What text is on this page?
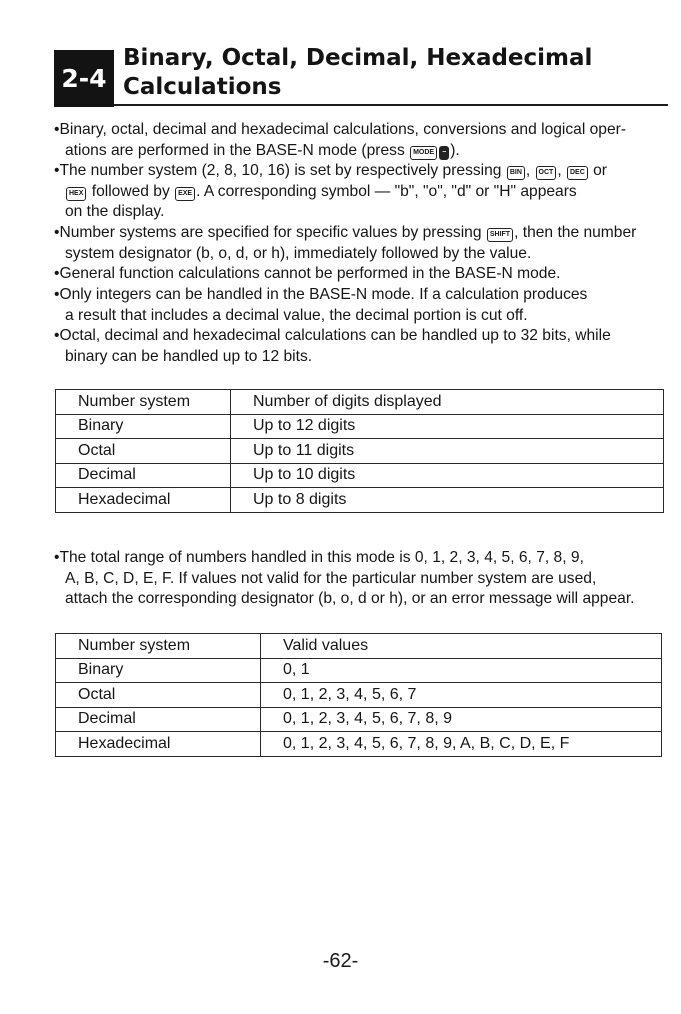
2-4
Binary, Octal, Decimal, Hexadecimal
Calculations

•Binary, octal, decimal and hexadecimal calculations, conversions and logical oper-
ations are performed in the BASE-N mode (press MODE − ).

•The number system (2, 8, 10, 16) is set by respectively pressing BIN , OCT , DEC or
HEX followed by EXE . A corresponding symbol — "b", "o", "d" or "H" appears
on the display.

•Number systems are specified for specific values by pressing SHIFT , then the number
system designator (b, o, d, or h), immediately followed by the value.

•General function calculations cannot be performed in the BASE-N mode.

•Only integers can be handled in the BASE-N mode. If a calculation produces
a result that includes a decimal value, the decimal portion is cut off.

•Octal, decimal and hexadecimal calculations can be handled up to 32 bits, while
binary can be handled up to 12 bits.

Number system	Number of digits displayed
Binary	Up to 12 digits
Octal	Up to 11 digits
Decimal	Up to 10 digits
Hexadecimal	Up to 8 digits

•The total range of numbers handled in this mode is 0, 1, 2, 3, 4, 5, 6, 7, 8, 9,
A, B, C, D, E, F. If values not valid for the particular number system are used,
attach the corresponding designator (b, o, d or h), or an error message will appear.

Number system	Valid values
Binary	0, 1
Octal	0, 1, 2, 3, 4, 5, 6, 7
Decimal	0, 1, 2, 3, 4, 5, 6, 7, 8, 9
Hexadecimal	0, 1, 2, 3, 4, 5, 6, 7, 8, 9, A, B, C, D, E, F
-62-
